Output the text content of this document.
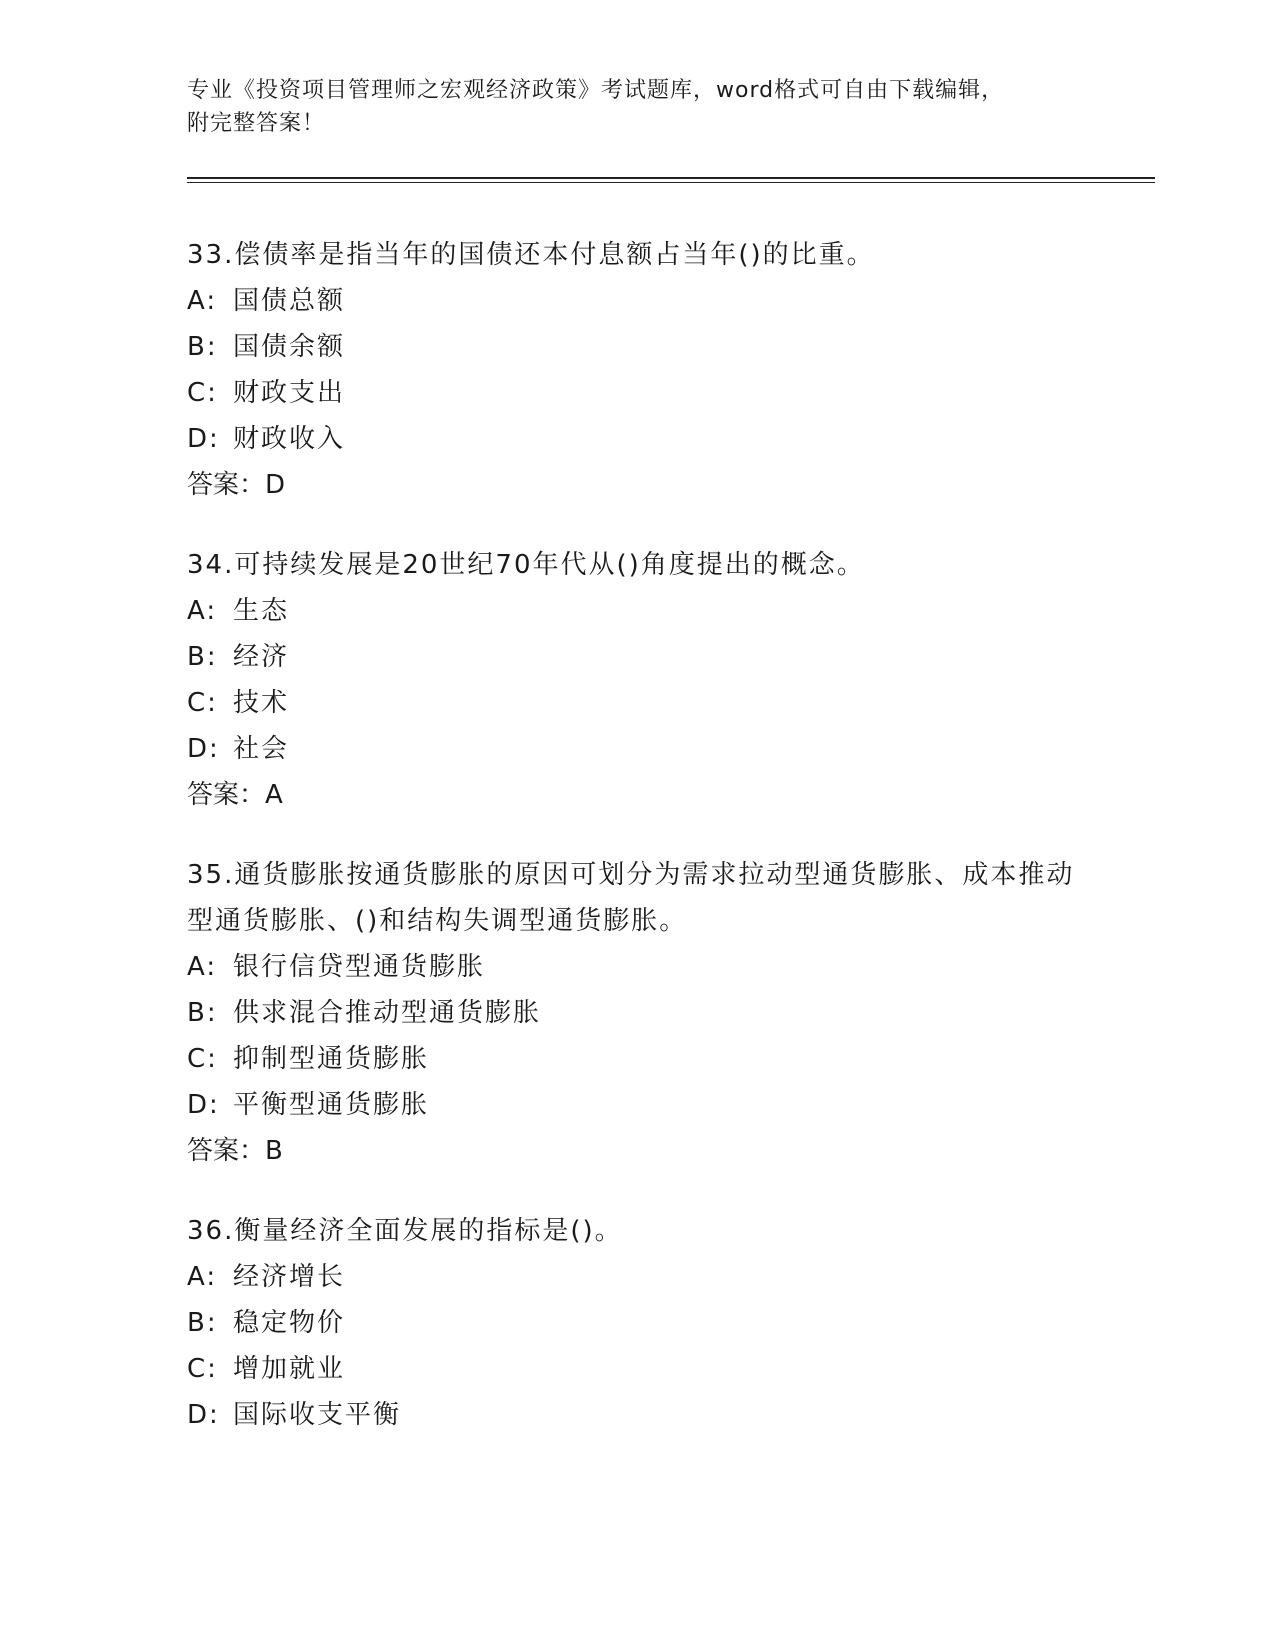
专业《投资项目管理师之宏观经济政策》考试题库，word格式可自由下载编辑，
附完整答案！

33.偿债率是指当年的国债还本付息额占当年()的比重。

A: 国债总额
B: 国债余额
C: 财政支出
D: 财政收入

答案：D

34.可持续发展是20世纪70年代从()角度提出的概念。

A: 生态
B: 经济
C: 技术
D: 社会

答案：A

35.通货膨胀按通货膨胀的原因可划分为需求拉动型通货膨胀、成本推动型通货膨胀、()和结构失调型通货膨胀。

A: 银行信贷型通货膨胀
B: 供求混合推动型通货膨胀
C: 抑制型通货膨胀
D: 平衡型通货膨胀

答案：B

36.衡量经济全面发展的指标是()。

A: 经济增长
B: 稳定物价
C: 增加就业
D: 国际收支平衡
